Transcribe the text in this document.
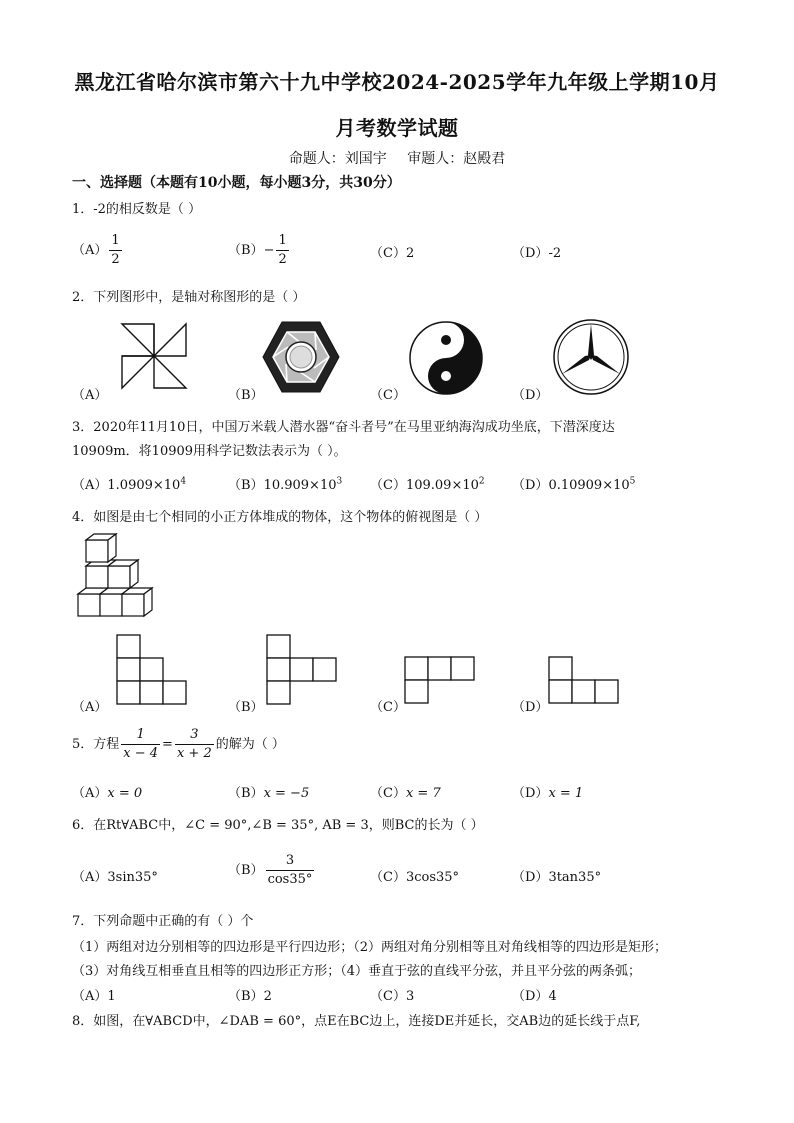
黑龙江省哈尔滨市第六十九中学校2024-2025学年九年级上学期10月
月考数学试题
命题人：刘国宇 审题人：赵殿君
一、选择题（本题有10小题，每小题3分，共30分）
1．-2的相反数是（ ）
$(A) \frac{1}{2}$	$(B)- \frac{1}{2}$	（C）2	（D）-2
2．下列图形中，是轴对称图形的是（ ）
（A）	（B）	（C）	（D）
3．2020年11月10日，中国万米载人潜水器“奋斗者号”在马里亚纳海沟成功坐底，下潜深度达
10909m．将10909用科学记数法表示为（ ）。
$(A)1.0909\times 10^4$	$(B)10.909\times 10^3$ $(C)109.09\times 10^2$ $(D)0.10909\times 10^5$
4．如图是由七个相同的小正方体堆成的物体，这个物体的俯视图是（ ）
（A）	（B）	（C）	（D）
5．方程 $\frac{1}{x - 4} = \frac{3}{x + 2}$ 的解为（ ）
（A）x = 0	（B）x = −5	（C）x = 7	（D）x = 1
6．在Rt∀ABC中，∠C = 90°,∠B = 35°, AB = 3，则BC的长为（ ）
（A）3sin35°	$(B) \frac{3}{\cos 35^\circ}$	（C）3cos35°	（D）3tan35°
7．下列命题中正确的有（ ）个
（1）两组对边分别相等的四边形是平行四边形；（2）两组对角分别相等且对角线相等的四边形是矩形；
（3）对角线互相垂直且相等的四边形正方形；（4）垂直于弦的直线平分弦，并且平分弦的两条弧；
（A）1	（B）2	（C）3	（D）4
8．如图，在∀ABCD中，∠DAB = 60°，点E在BC边上，连接DE并延长，交AB边的延长线于点F,
